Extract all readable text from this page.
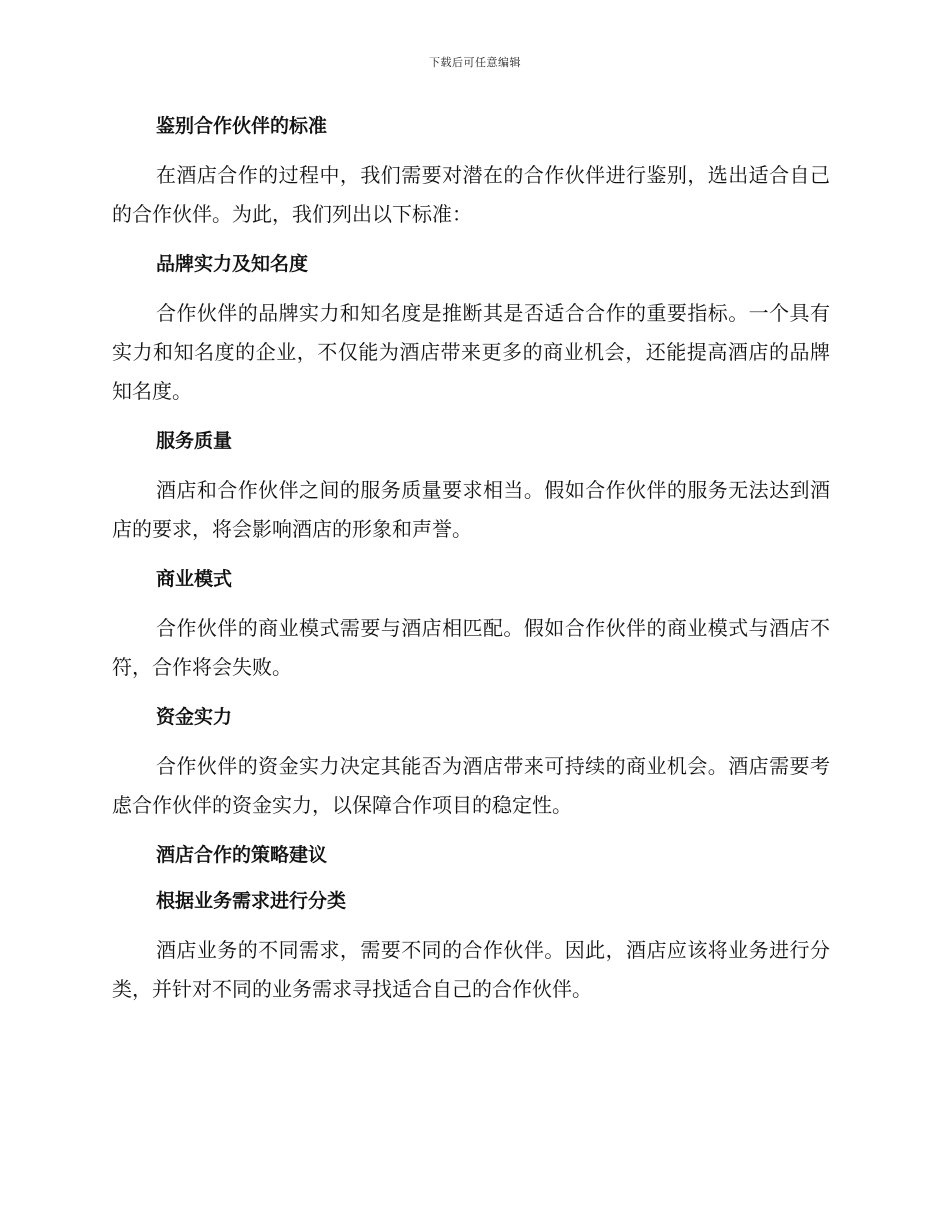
下载后可任意编辑
鉴别合作伙伴的标准
在酒店合作的过程中，我们需要对潜在的合作伙伴进行鉴别，选出适合自己的合作伙伴。为此，我们列出以下标准：
品牌实力及知名度
合作伙伴的品牌实力和知名度是推断其是否适合合作的重要指标。一个具有实力和知名度的企业，不仅能为酒店带来更多的商业机会，还能提高酒店的品牌知名度。
服务质量
酒店和合作伙伴之间的服务质量要求相当。假如合作伙伴的服务无法达到酒店的要求，将会影响酒店的形象和声誉。
商业模式
合作伙伴的商业模式需要与酒店相匹配。假如合作伙伴的商业模式与酒店不符，合作将会失败。
资金实力
合作伙伴的资金实力决定其能否为酒店带来可持续的商业机会。酒店需要考虑合作伙伴的资金实力，以保障合作项目的稳定性。
酒店合作的策略建议
根据业务需求进行分类
酒店业务的不同需求，需要不同的合作伙伴。因此，酒店应该将业务进行分类，并针对不同的业务需求寻找适合自己的合作伙伴。
